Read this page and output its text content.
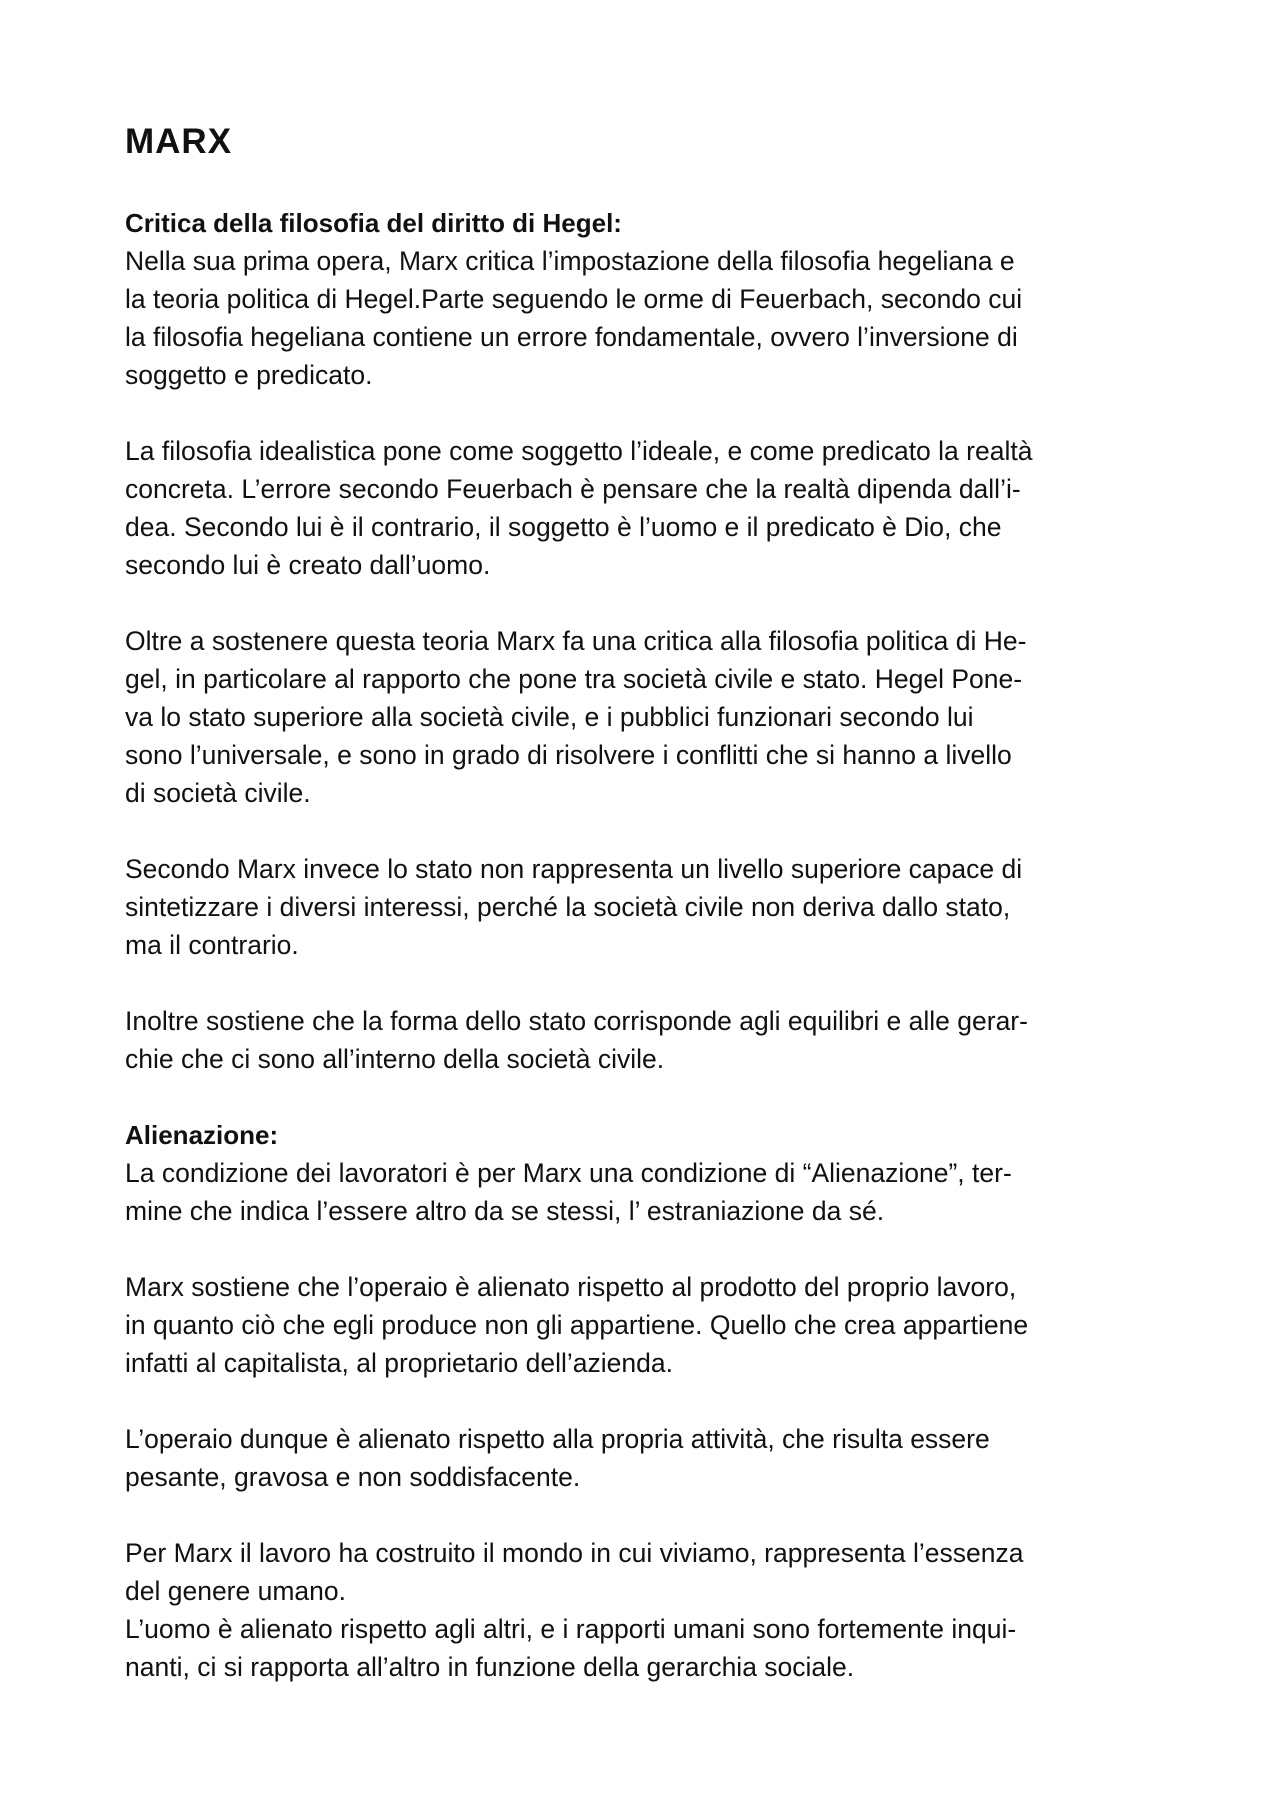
MARX
Critica della filosofia del diritto di Hegel:

Nella sua prima opera, Marx critica l’impostazione della filosofia hegeliana e
la teoria politica di Hegel.Parte seguendo le orme di Feuerbach, secondo cui
la filosofia hegeliana contiene un errore fondamentale, ovvero l’inversione di
soggetto e predicato.

La filosofia idealistica pone come soggetto l’ideale, e come predicato la realtà
concreta. L’errore secondo Feuerbach è pensare che la realtà dipenda dall’i-
dea. Secondo lui è il contrario, il soggetto è l’uomo e il predicato è Dio, che
secondo lui è creato dall’uomo.

Oltre a sostenere questa teoria Marx fa una critica alla filosofia politica di He-
gel, in particolare al rapporto che pone tra società civile e stato. Hegel Pone-
va lo stato superiore alla società civile, e i pubblici funzionari secondo lui
sono l’universale, e sono in grado di risolvere i conflitti che si hanno a livello
di società civile.

Secondo Marx invece lo stato non rappresenta un livello superiore capace di
sintetizzare i diversi interessi, perché la società civile non deriva dallo stato,
ma il contrario.

Inoltre sostiene che la forma dello stato corrisponde agli equilibri e alle gerar-
chie che ci sono all’interno della società civile.

Alienazione:

La condizione dei lavoratori è per Marx una condizione di “Alienazione”, ter-
mine che indica l’essere altro da se stessi, l’ estraniazione da sé.

Marx sostiene che l’operaio è alienato rispetto al prodotto del proprio lavoro,
in quanto ciò che egli produce non gli appartiene. Quello che crea appartiene
infatti al capitalista, al proprietario dell’azienda.

L’operaio dunque è alienato rispetto alla propria attività, che risulta essere
pesante, gravosa e non soddisfacente.

Per Marx il lavoro ha costruito il mondo in cui viviamo, rappresenta l’essenza
del genere umano.

L’uomo è alienato rispetto agli altri, e i rapporti umani sono fortemente inqui-
nanti, ci si rapporta all’altro in funzione della gerarchia sociale.
